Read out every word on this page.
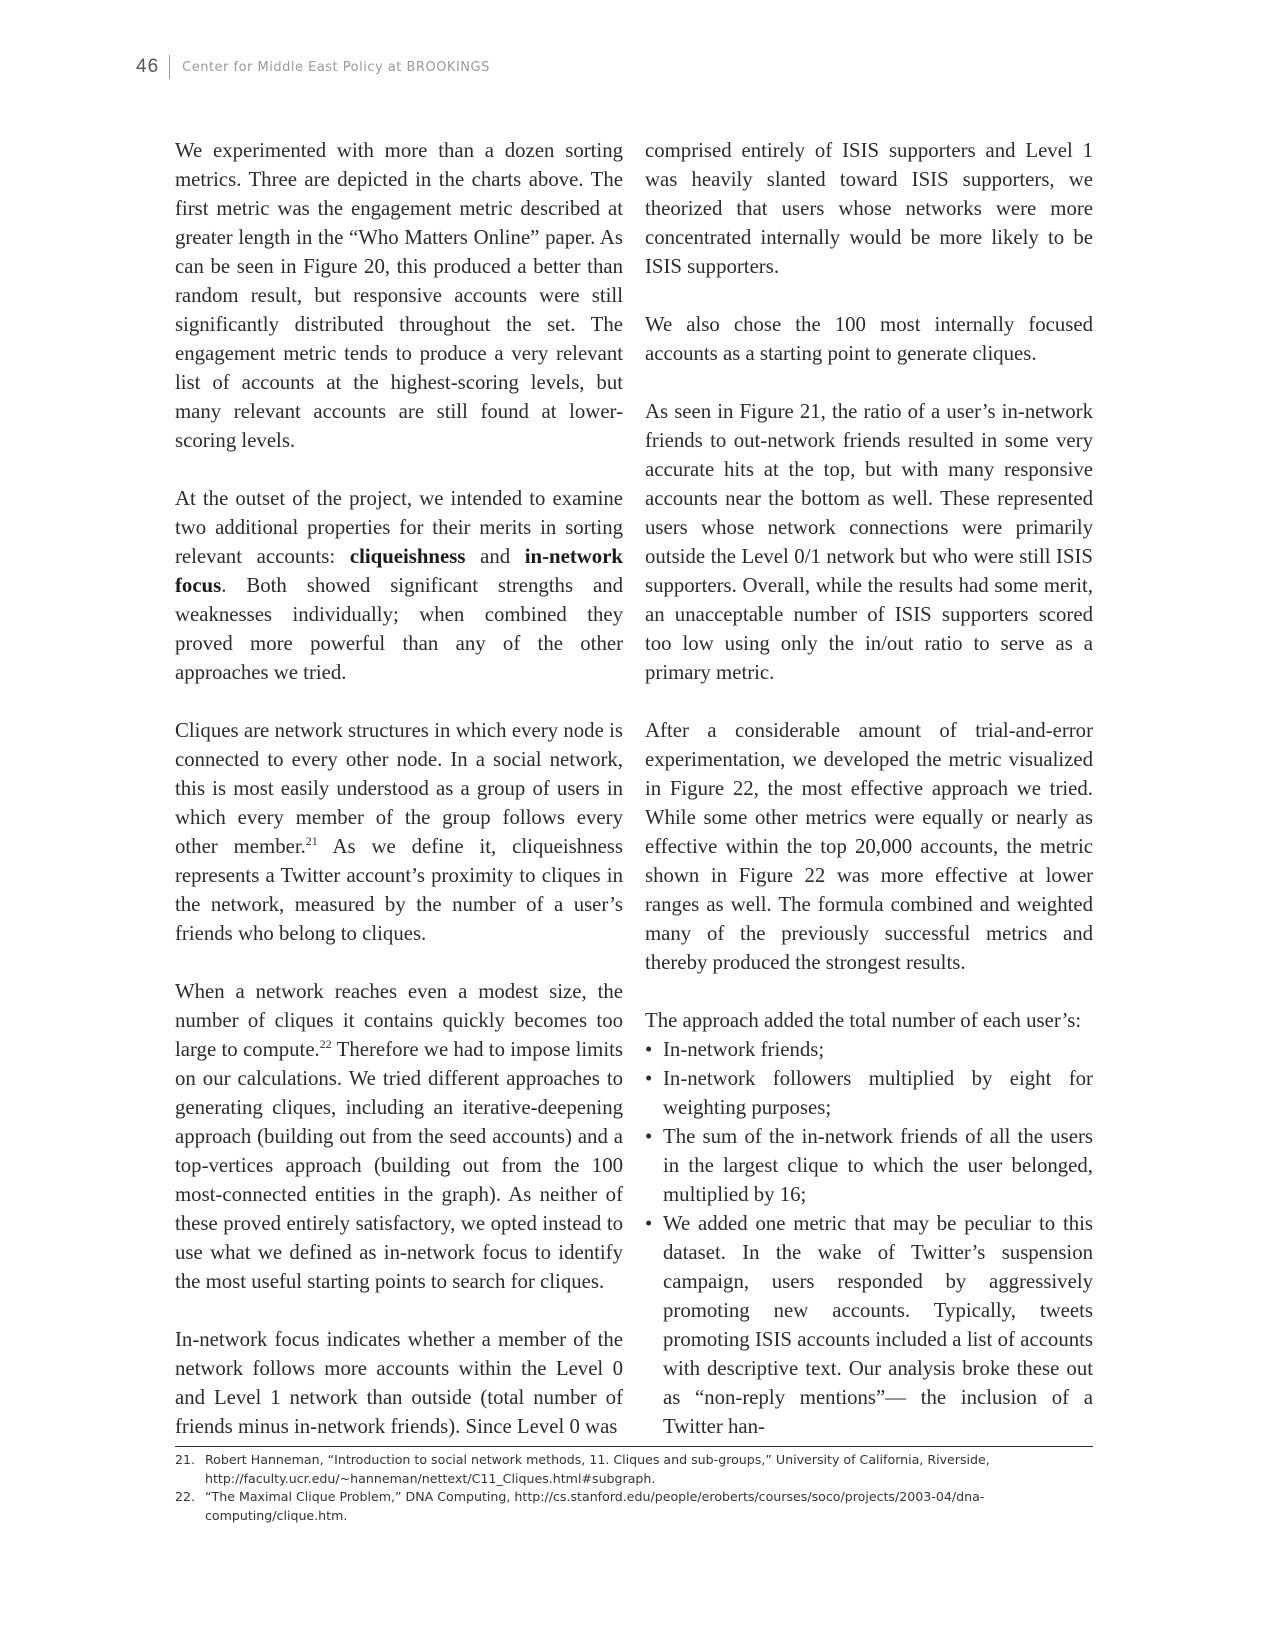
46 Center for Middle East Policy at BROOKINGS

We experimented with more than a dozen sorting metrics. Three are depicted in the charts above. The first metric was the engagement metric described at greater length in the “Who Matters Online” paper. As can be seen in Figure 20, this produced a better than random result, but responsive accounts were still significantly distributed throughout the set. The engagement metric tends to produce a very relevant list of accounts at the highest-scoring levels, but many relevant accounts are still found at lower-scoring levels.

At the outset of the project, we intended to examine two additional properties for their merits in sorting relevant accounts: cliqueishness and in-network focus. Both showed significant strengths and weaknesses individually; when combined they proved more powerful than any of the other approaches we tried.

Cliques are network structures in which every node is connected to every other node. In a social network, this is most easily understood as a group of users in which every member of the group follows every other member.$^{21}$ As we define it, cliqueishness represents a Twitter account’s proximity to cliques in the network, measured by the number of a user’s friends who belong to cliques.

When a network reaches even a modest size, the number of cliques it contains quickly becomes too large to compute.$^{22}$ Therefore we had to impose limits on our calculations. We tried different approaches to generating cliques, including an iterative-deepening approach (building out from the seed accounts) and a top-vertices approach (building out from the 100 most-connected entities in the graph). As neither of these proved entirely satisfactory, we opted instead to use what we defined as in-network focus to identify the most useful starting points to search for cliques.

In-network focus indicates whether a member of the network follows more accounts within the Level 0 and Level 1 network than outside (total number of friends minus in-network friends). Since Level 0 was

comprised entirely of ISIS supporters and Level 1 was heavily slanted toward ISIS supporters, we theorized that users whose networks were more concentrated internally would be more likely to be ISIS supporters.

We also chose the 100 most internally focused accounts as a starting point to generate cliques.

As seen in Figure 21, the ratio of a user’s in-network friends to out-network friends resulted in some very accurate hits at the top, but with many responsive accounts near the bottom as well. These represented users whose network connections were primarily outside the Level 0/1 network but who were still ISIS supporters. Overall, while the results had some merit, an unacceptable number of ISIS supporters scored too low using only the in/out ratio to serve as a primary metric.

After a considerable amount of trial-and-error experimentation, we developed the metric visualized in Figure 22, the most effective approach we tried. While some other metrics were equally or nearly as effective within the top 20,000 accounts, the metric shown in Figure 22 was more effective at lower ranges as well. The formula combined and weighted many of the previously successful metrics and thereby produced the strongest results.

The approach added the total number of each user’s:
• In-network friends;
• In-network followers multiplied by eight for weighting purposes;
• The sum of the in-network friends of all the users in the largest clique to which the user belonged, multiplied by 16;
• We added one metric that may be peculiar to this dataset. In the wake of Twitter’s suspension campaign, users responded by aggressively promoting new accounts. Typically, tweets promoting ISIS accounts included a list of accounts with descriptive text. Our analysis broke these out as “non-reply mentions”— the inclusion of a Twitter han-
21. Robert Hanneman, “Introduction to social network methods, 11. Cliques and sub-groups,” University of California, Riverside, http://faculty.ucr.edu/~hanneman/nettext/C11_Cliques.html#subgraph.
22. “The Maximal Clique Problem,” DNA Computing, http://cs.stanford.edu/people/eroberts/courses/soco/projects/2003-04/dna-computing/clique.htm.
